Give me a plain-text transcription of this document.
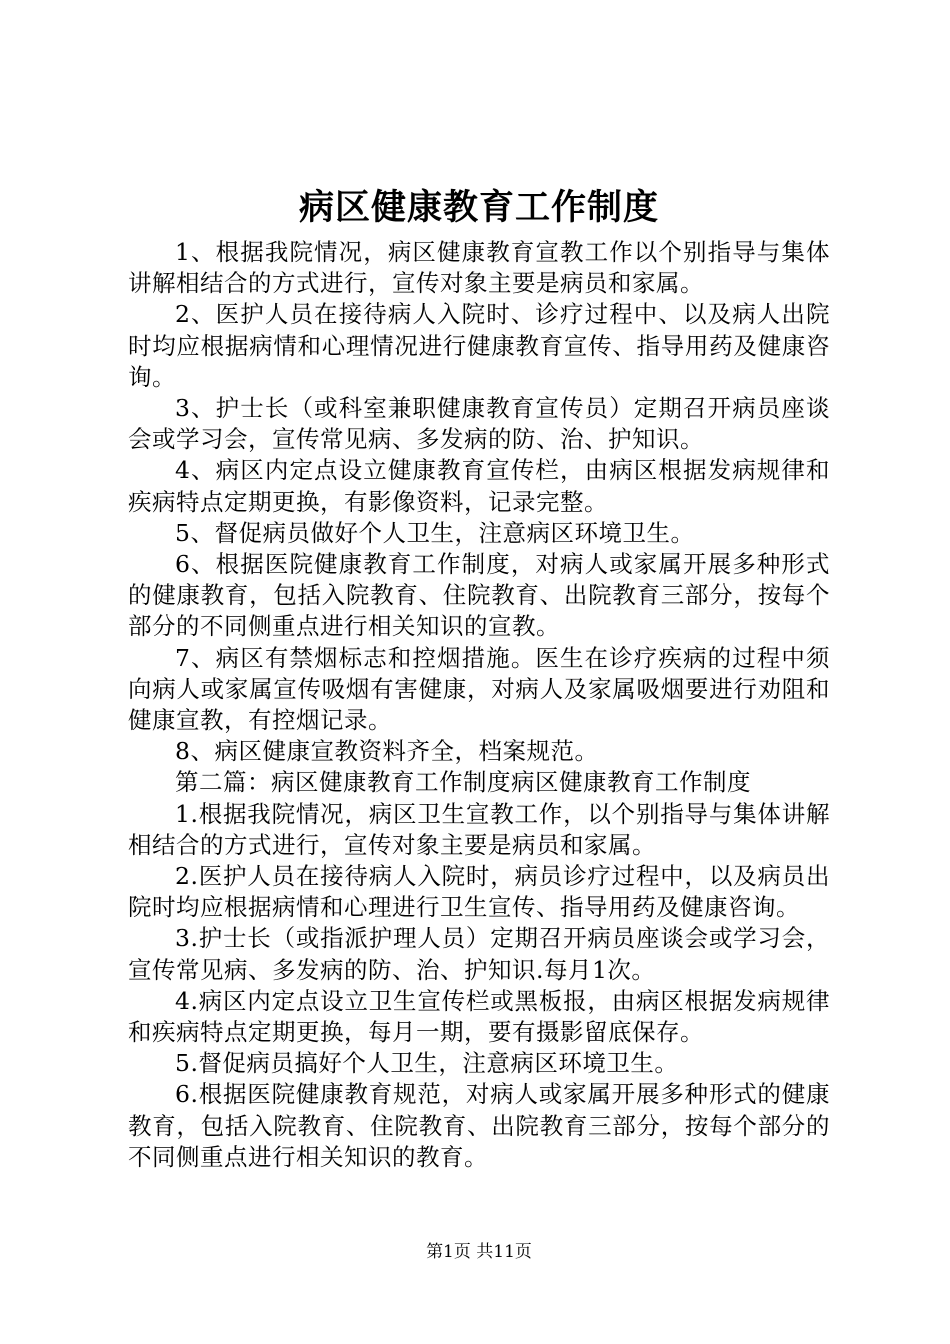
病区健康教育工作制度

1、根据我院情况，病区健康教育宣教工作以个别指导与集体讲解相结合的方式进行，宣传对象主要是病员和家属。

2、医护人员在接待病人入院时、诊疗过程中、以及病人出院时均应根据病情和心理情况进行健康教育宣传、指导用药及健康咨询。

3、护士长（或科室兼职健康教育宣传员）定期召开病员座谈会或学习会，宣传常见病、多发病的防、治、护知识。

4、病区内定点设立健康教育宣传栏，由病区根据发病规律和疾病特点定期更换，有影像资料，记录完整。

5、督促病员做好个人卫生，注意病区环境卫生。

6、根据医院健康教育工作制度，对病人或家属开展多种形式的健康教育，包括入院教育、住院教育、出院教育三部分，按每个部分的不同侧重点进行相关知识的宣教。

7、病区有禁烟标志和控烟措施。医生在诊疗疾病的过程中须向病人或家属宣传吸烟有害健康，对病人及家属吸烟要进行劝阻和健康宣教，有控烟记录。

8、病区健康宣教资料齐全，档案规范。

第二篇：病区健康教育工作制度病区健康教育工作制度

1.根据我院情况，病区卫生宣教工作，以个别指导与集体讲解相结合的方式进行，宣传对象主要是病员和家属。

2.医护人员在接待病人入院时，病员诊疗过程中，以及病员出院时均应根据病情和心理进行卫生宣传、指导用药及健康咨询。

3.护士长（或指派护理人员）定期召开病员座谈会或学习会，宣传常见病、多发病的防、治、护知识.每月1次。

4.病区内定点设立卫生宣传栏或黑板报，由病区根据发病规律和疾病特点定期更换，每月一期，要有摄影留底保存。

5.督促病员搞好个人卫生，注意病区环境卫生。

6.根据医院健康教育规范，对病人或家属开展多种形式的健康教育，包括入院教育、住院教育、出院教育三部分，按每个部分的不同侧重点进行相关知识的教育。

第1页 共11页
